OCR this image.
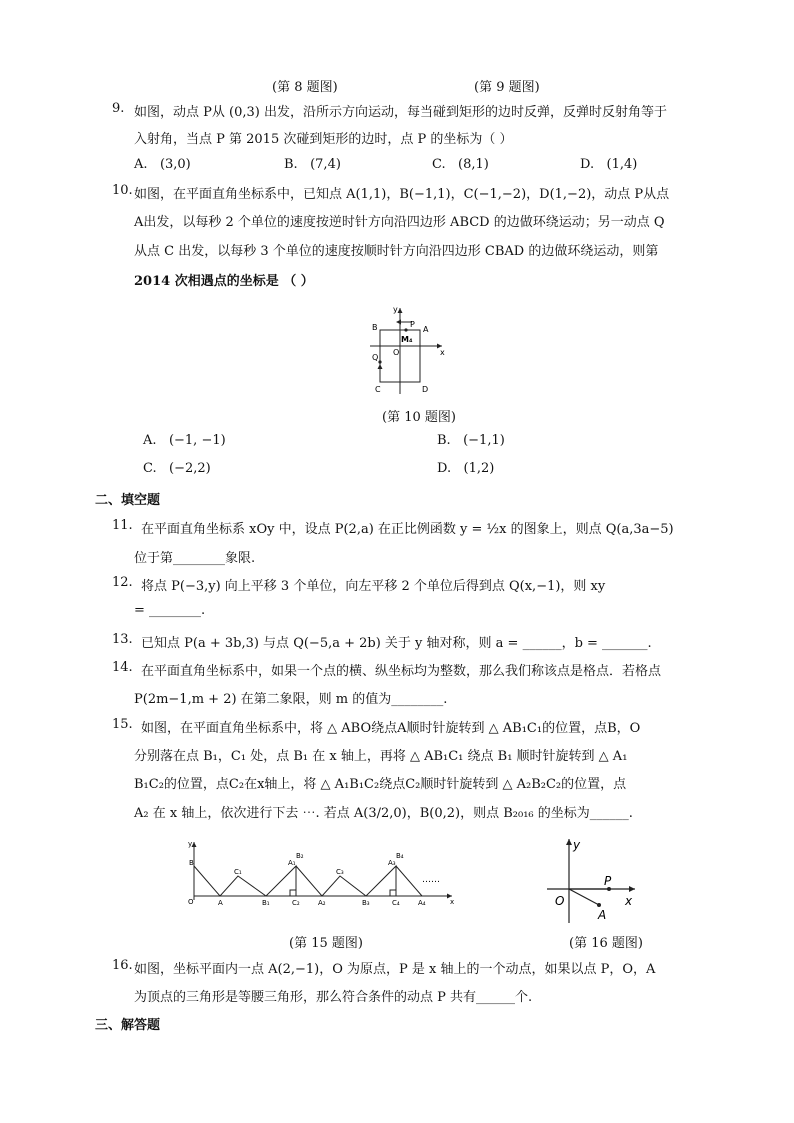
(第 8 题图)	(第 9 题图)
9. 如图，动点 P从 (0,3) 出发，沿所示方向运动，每当碰到矩形的边时反弹，反弹时反射角等于
入射角，当点 P 第 2015 次碰到矩形的边时，点 P 的坐标为（ ）
A. (3,0)	B. (7,4)	C. (8,1)	D. (1,4)
10. 如图，在平面直角坐标系中，已知点 A(1,1)，B(−1,1)，C(−1,−2)，D(1,−2)，动点 P从点
A出发，以每秒 2 个单位的速度按逆时针方向沿四边形 ABCD 的边做环绕运动；另一动点 Q
从点 C 出发，以每秒 3 个单位的速度按顺时针方向沿四边形 CBAD 的边做环绕运动，则第
2014 次相遇点的坐标是 （ ）
y
x
B	A
C	D
O
P
Q
M₄
(第 10 题图)
A. (−1, −1)	B. (−1,1)
C. (−2,2)	D. (1,2)
二、填空题
11. 在平面直角坐标系 xOy 中，设点 P(2,a) 在正比例函数 y = ½x 的图象上，则点 Q(a,3a−5)
位于第________象限.
12. 将点 P(−3,y) 向上平移 3 个单位，向左平移 2 个单位后得到点 Q(x,−1)，则 xy
= ________.
13. 已知点 P(a + 3b,3) 与点 Q(−5,a + 2b) 关于 y 轴对称，则 a = ______，b = _______.
14. 在平面直角坐标系中，如果一个点的横、纵坐标均为整数，那么我们称该点是格点．若格点
P(2m−1,m + 2) 在第二象限，则 m 的值为________.
15. 如图，在平面直角坐标系中，将 △ ABO绕点A顺时针旋转到 △ AB₁C₁的位置，点B，O
分别落在点 B₁，C₁ 处，点 B₁ 在 x 轴上，再将 △ AB₁C₁ 绕点 B₁ 顺时针旋转到 △ A₁
B₁C₂的位置，点C₂在x轴上，将 △ A₁B₁C₂绕点C₂顺时针旋转到 △ A₂B₂C₂的位置，点
A₂ 在 x 轴上，依次进行下去 ⋯. 若点 A(3/2,0)，B(0,2)，则点 B₂₀₁₆ 的坐标为______.
y
x
O
B
A
C₁
B₁
A₁
B₂
C₂	A₂
C₃
B₃
A₃
B₄
C₄	A₄
……
y
x
O
P
A
(第 15 题图)	(第 16 题图)
16. 如图，坐标平面内一点 A(2,−1)，O 为原点，P 是 x 轴上的一个动点，如果以点 P，O，A
为顶点的三角形是等腰三角形，那么符合条件的动点 P 共有______个.
三、解答题
